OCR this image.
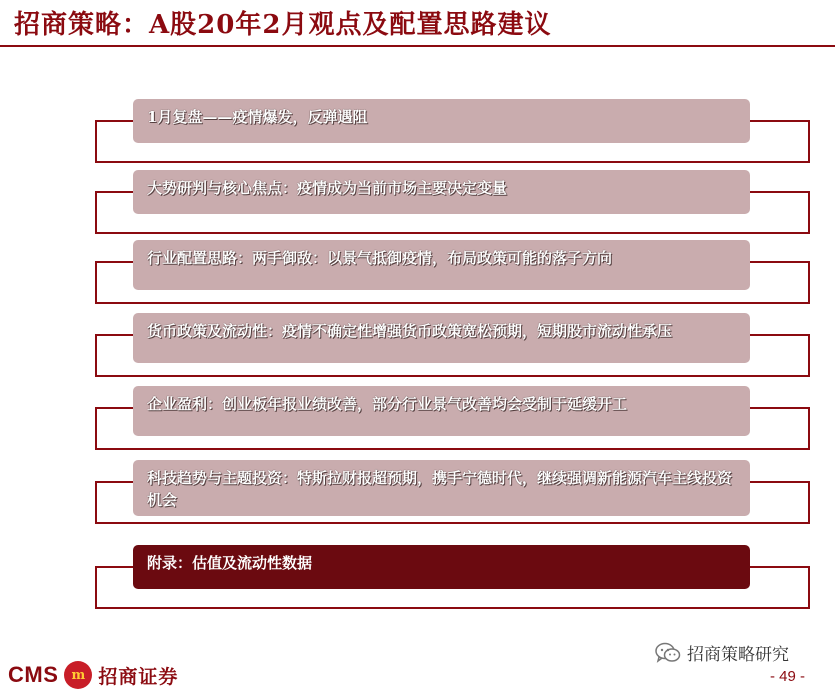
招商策略：A股20年2月观点及配置思路建议
1月复盘——疫情爆发，反弹遇阻
大势研判与核心焦点：疫情成为当前市场主要决定变量
行业配置思路：两手御敌：以景气抵御疫情，布局政策可能的落子方向
货币政策及流动性：疫情不确定性增强货币政策宽松预期，短期股市流动性承压
企业盈利：创业板年报业绩改善，部分行业景气改善均会受制于延缓开工
科技趋势与主题投资：特斯拉财报超预期，携手宁德时代，继续强调新能源汽车主线投资机会
附录：估值及流动性数据
CMS	m 招商证券
招商策略研究
- 49 -
